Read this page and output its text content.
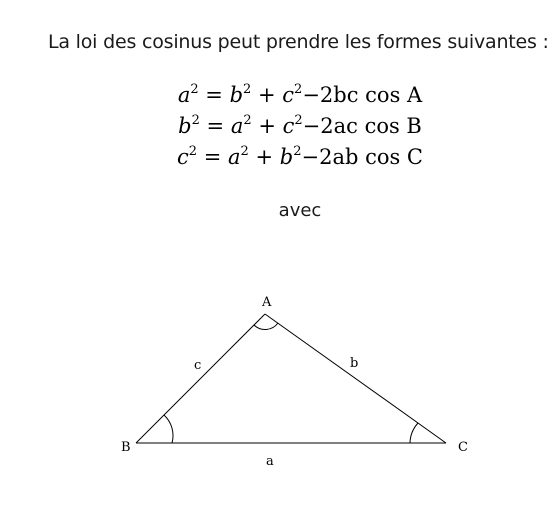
La loi des cosinus peut prendre les formes suivantes :
$a^2 = b^2 + c^2-2bc$ cos A
$b^2 = a^2 + c^2-2ac$ cos B
$c^2 = a^2 + b^2-2ab$ cos C
avec
A
B	C
a
b
c
